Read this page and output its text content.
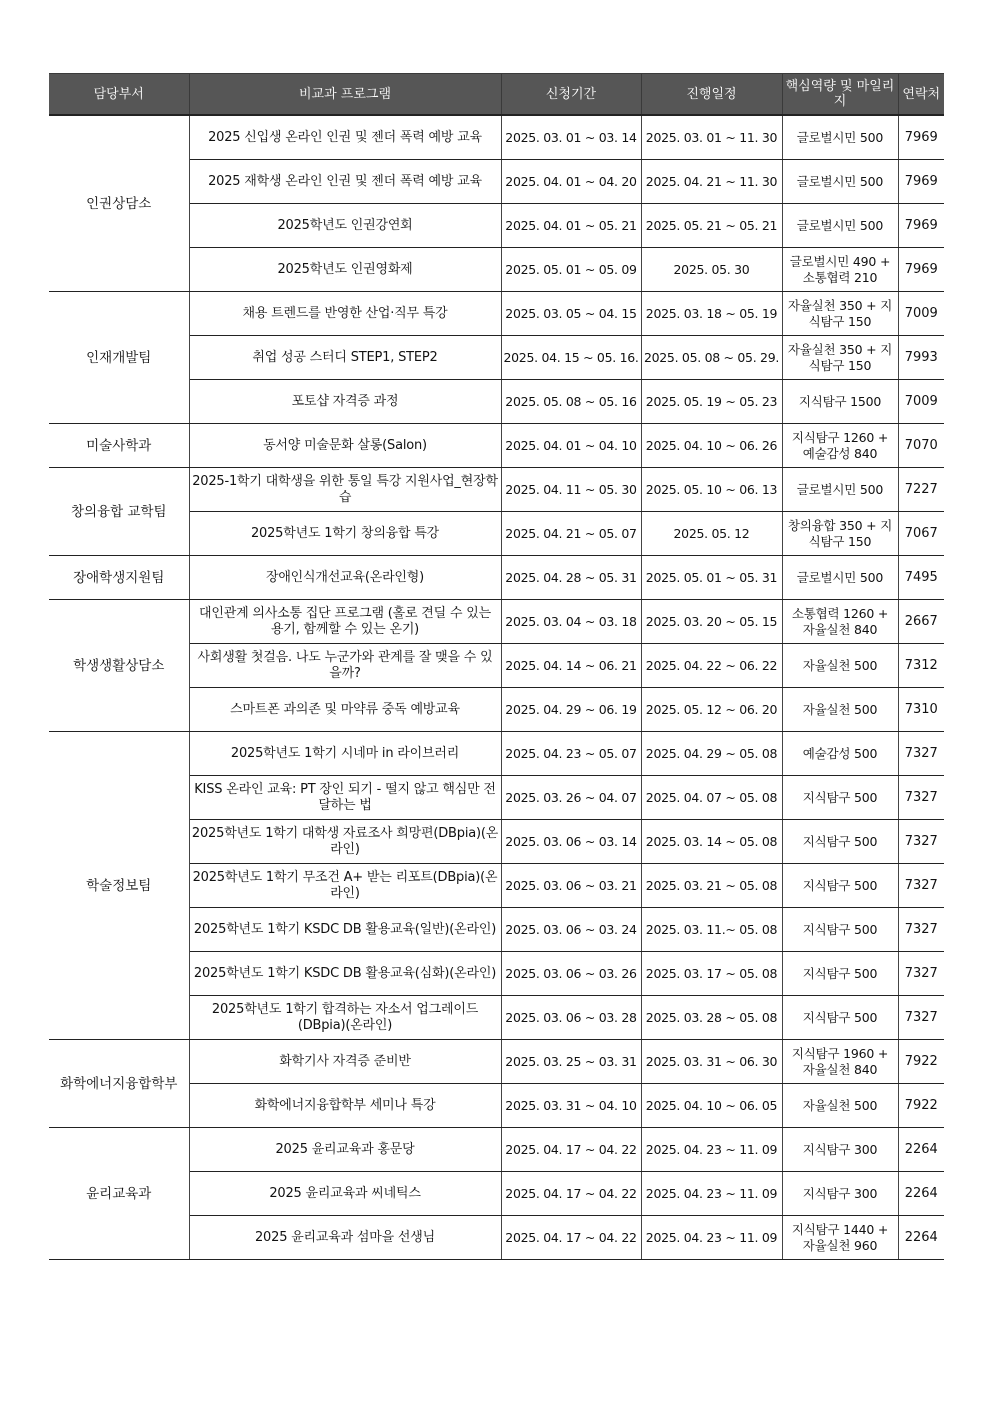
담당부서	비교과 프로그램	신청기간	진행일정	핵심역량 및 마일리지	연락처
인권상담소	2025 신입생 온라인 인권 및 젠더 폭력 예방 교육	2025. 03. 01 ~ 03. 14	2025. 03. 01 ~ 11. 30	글로벌시민 500	7969
	2025 재학생 온라인 인권 및 젠더 폭력 예방 교육	2025. 04. 01 ~ 04. 20	2025. 04. 21 ~ 11. 30	글로벌시민 500	7969
	2025학년도 인권강연회	2025. 04. 01 ~ 05. 21	2025. 05. 21 ~ 05. 21	글로벌시민 500	7969
	2025학년도 인권영화제	2025. 05. 01 ~ 05. 09	2025. 05. 30	글로벌시민 490 + 소통협력 210	7969
인재개발팀	채용 트렌드를 반영한 산업·직무 특강	2025. 03. 05 ~ 04. 15	2025. 03. 18 ~ 05. 19	자율실천 350 + 지식탐구 150	7009
	취업 성공 스터디 STEP1, STEP2	2025. 04. 15 ~ 05. 16.	2025. 05. 08 ~ 05. 29.	자율실천 350 + 지식탐구 150	7993
	포토샵 자격증 과정	2025. 05. 08 ~ 05. 16	2025. 05. 19 ~ 05. 23	지식탐구 1500	7009
미술사학과	동서양 미술문화 살롱(Salon)	2025. 04. 01 ~ 04. 10	2025. 04. 10 ~ 06. 26	지식탐구 1260 + 예술감성 840	7070
창의융합 교학팀	2025-1학기 대학생을 위한 통일 특강 지원사업_현장학습	2025. 04. 11 ~ 05. 30	2025. 05. 10 ~ 06. 13	글로벌시민 500	7227
	2025학년도 1학기 창의융합 특강	2025. 04. 21 ~ 05. 07	2025. 05. 12	창의융합 350 + 지식탐구 150	7067
장애학생지원팀	장애인식개선교육(온라인형)	2025. 04. 28 ~ 05. 31	2025. 05. 01 ~ 05. 31	글로벌시민 500	7495
학생생활상담소	대인관계 의사소통 집단 프로그램 (홀로 견딜 수 있는 용기, 함께할 수 있는 온기)	2025. 03. 04 ~ 03. 18	2025. 03. 20 ~ 05. 15	소통협력 1260 + 자율실천 840	2667
	사회생활 첫걸음. 나도 누군가와 관계를 잘 맺을 수 있을까?	2025. 04. 14 ~ 06. 21	2025. 04. 22 ~ 06. 22	자율실천 500	7312
	스마트폰 과의존 및 마약류 중독 예방교육	2025. 04. 29 ~ 06. 19	2025. 05. 12 ~ 06. 20	자율실천 500	7310
학술정보팀	2025학년도 1학기 시네마 in 라이브러리	2025. 04. 23 ~ 05. 07	2025. 04. 29 ~ 05. 08	예술감성 500	7327
	KISS 온라인 교육: PT 장인 되기 - 떨지 않고 핵심만 전달하는 법	2025. 03. 26 ~ 04. 07	2025. 04. 07 ~ 05. 08	지식탐구 500	7327
	2025학년도 1학기 대학생 자료조사 희망편(DBpia)(온라인)	2025. 03. 06 ~ 03. 14	2025. 03. 14 ~ 05. 08	지식탐구 500	7327
	2025학년도 1학기 무조건 A+ 받는 리포트(DBpia)(온라인)	2025. 03. 06 ~ 03. 21	2025. 03. 21 ~ 05. 08	지식탐구 500	7327
	2025학년도 1학기 KSDC DB 활용교육(일반)(온라인)	2025. 03. 06 ~ 03. 24	2025. 03. 11.~ 05. 08	지식탐구 500	7327
	2025학년도 1학기 KSDC DB 활용교육(심화)(온라인)	2025. 03. 06 ~ 03. 26	2025. 03. 17 ~ 05. 08	지식탐구 500	7327
	2025학년도 1학기 합격하는 자소서 업그레이드(DBpia)(온라인)	2025. 03. 06 ~ 03. 28	2025. 03. 28 ~ 05. 08	지식탐구 500	7327
화학에너지융합학부	화학기사 자격증 준비반	2025. 03. 25 ~ 03. 31	2025. 03. 31 ~ 06. 30	지식탐구 1960 + 자율실천 840	7922
	화학에너지융합학부 세미나 특강	2025. 03. 31 ~ 04. 10	2025. 04. 10 ~ 06. 05	자율실천 500	7922
윤리교육과	2025 윤리교육과 홍문당	2025. 04. 17 ~ 04. 22	2025. 04. 23 ~ 11. 09	지식탐구 300	2264
	2025 윤리교육과 씨네틱스	2025. 04. 17 ~ 04. 22	2025. 04. 23 ~ 11. 09	지식탐구 300	2264
	2025 윤리교육과 섬마을 선생님	2025. 04. 17 ~ 04. 22	2025. 04. 23 ~ 11. 09	지식탐구 1440 + 자율실천 960	2264
